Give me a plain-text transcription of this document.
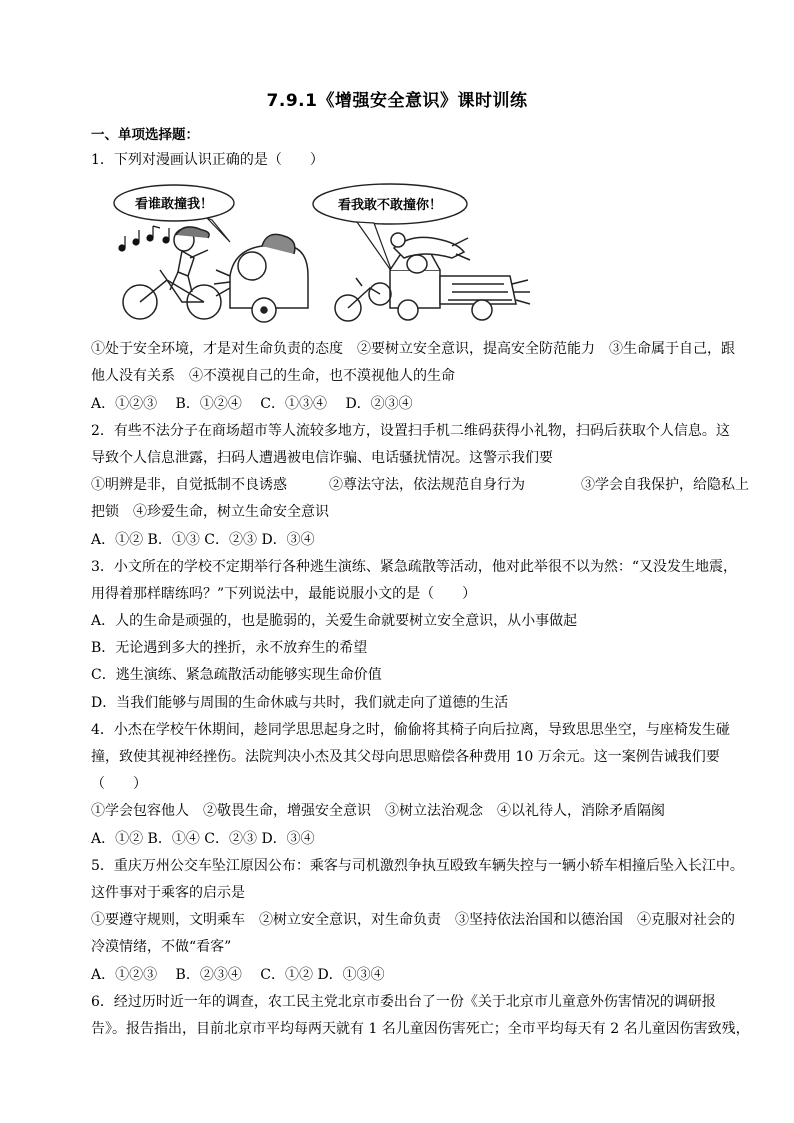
7.9.1《增强安全意识》课时训练
一、单项选择题：
1．下列对漫画认识正确的是（　　）
看谁敢撞我！	看我敢不敢撞你！
①处于安全环境，才是对生命负责的态度　②要树立安全意识，提高安全防范能力　③生命属于自己，跟
他人没有关系　④不漠视自己的生命，也不漠视他人的生命
A．①②③　 B．①②④　 C．①③④　 D．②③④
2．有些不法分子在商场超市等人流较多地方，设置扫手机二维码获得小礼物，扫码后获取个人信息。这
导致个人信息泄露，扫码人遭遇被电信诈骗、电话骚扰情况。这警示我们要
①明辨是非，自觉抵制不良诱惑　　　②尊法守法，依法规范自身行为　　　　③学会自我保护，给隐私上
把锁　④珍爱生命，树立生命安全意识
A．①② B．①③ C．②③ D．③④
3．小文所在的学校不定期举行各种逃生演练、紧急疏散等活动，他对此举很不以为然：“又没发生地震，
用得着那样瞎练吗？”下列说法中，最能说服小文的是（　　）
A．人的生命是顽强的，也是脆弱的，关爱生命就要树立安全意识，从小事做起
B．无论遇到多大的挫折，永不放弃生的希望
C．逃生演练、紧急疏散活动能够实现生命价值
D．当我们能够与周围的生命休戚与共时，我们就走向了道德的生活
4．小杰在学校午休期间，趁同学思思起身之时，偷偷将其椅子向后拉离，导致思思坐空，与座椅发生碰
撞，致使其视神经挫伤。法院判决小杰及其父母向思思赔偿各种费用 10 万余元。这一案例告诫我们要
（　　）
①学会包容他人　②敬畏生命，增强安全意识　③树立法治观念　④以礼待人，消除矛盾隔阂
A．①② B．①④ C．②③ D．③④
5．重庆万州公交车坠江原因公布：乘客与司机激烈争执互殴致车辆失控与一辆小轿车相撞后坠入长江中。
这件事对于乘客的启示是
①要遵守规则，文明乘车　②树立安全意识，对生命负责　③坚持依法治国和以德治国　④克服对社会的
冷漠情绪，不做“看客”
A．①②③　 B．②③④　 C．①② D．①③④
6．经过历时近一年的调查，农工民主党北京市委出台了一份《关于北京市儿童意外伤害情况的调研报
告》。报告指出，目前北京市平均每两天就有 1 名儿童因伤害死亡；全市平均每天有 2 名儿童因伤害致残，
